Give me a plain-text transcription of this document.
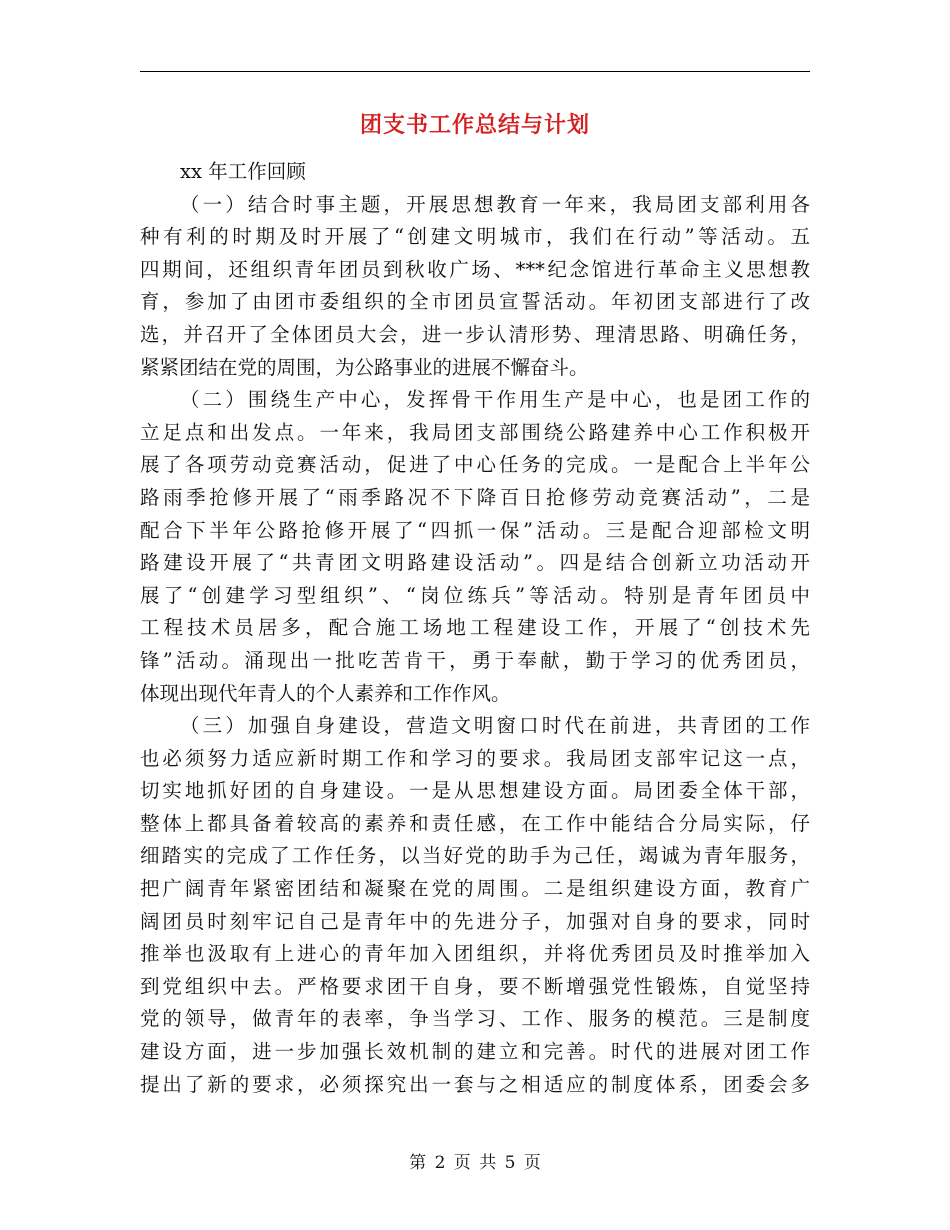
团支书工作总结与计划
xx 年工作回顾
（一）结合时事主题，开展思想教育一年来，我局团支部利用各
种有利的时期及时开展了“创建文明城市，我们在行动”等活动。五
四期间，还组织青年团员到秋收广场、***纪念馆进行革命主义思想教
育，参加了由团市委组织的全市团员宣誓活动。年初团支部进行了改
选，并召开了全体团员大会，进一步认清形势、理清思路、明确任务，
紧紧团结在党的周围，为公路事业的进展不懈奋斗。
（二）围绕生产中心，发挥骨干作用生产是中心，也是团工作的
立足点和出发点。一年来，我局团支部围绕公路建养中心工作积极开
展了各项劳动竞赛活动，促进了中心任务的完成。一是配合上半年公
路雨季抢修开展了“雨季路况不下降百日抢修劳动竞赛活动”，二是
配合下半年公路抢修开展了“四抓一保”活动。三是配合迎部检文明
路建设开展了“共青团文明路建设活动”。四是结合创新立功活动开
展了“创建学习型组织”、“岗位练兵”等活动。特别是青年团员中
工程技术员居多，配合施工场地工程建设工作，开展了“创技术先
锋”活动。涌现出一批吃苦肯干，勇于奉献，勤于学习的优秀团员，
体现出现代年青人的个人素养和工作作风。
（三）加强自身建设，营造文明窗口时代在前进，共青团的工作
也必须努力适应新时期工作和学习的要求。我局团支部牢记这一点，
切实地抓好团的自身建设。一是从思想建设方面。局团委全体干部，
整体上都具备着较高的素养和责任感，在工作中能结合分局实际，仔
细踏实的完成了工作任务，以当好党的助手为己任，竭诚为青年服务，
把广阔青年紧密团结和凝聚在党的周围。二是组织建设方面，教育广
阔团员时刻牢记自己是青年中的先进分子，加强对自身的要求，同时
推举也汲取有上进心的青年加入团组织，并将优秀团员及时推举加入
到党组织中去。严格要求团干自身，要不断增强党性锻炼，自觉坚持
党的领导，做青年的表率，争当学习、工作、服务的模范。三是制度
建设方面，进一步加强长效机制的建立和完善。时代的进展对团工作
提出了新的要求，必须探究出一套与之相适应的制度体系，团委会多
第 2 页 共 5 页
